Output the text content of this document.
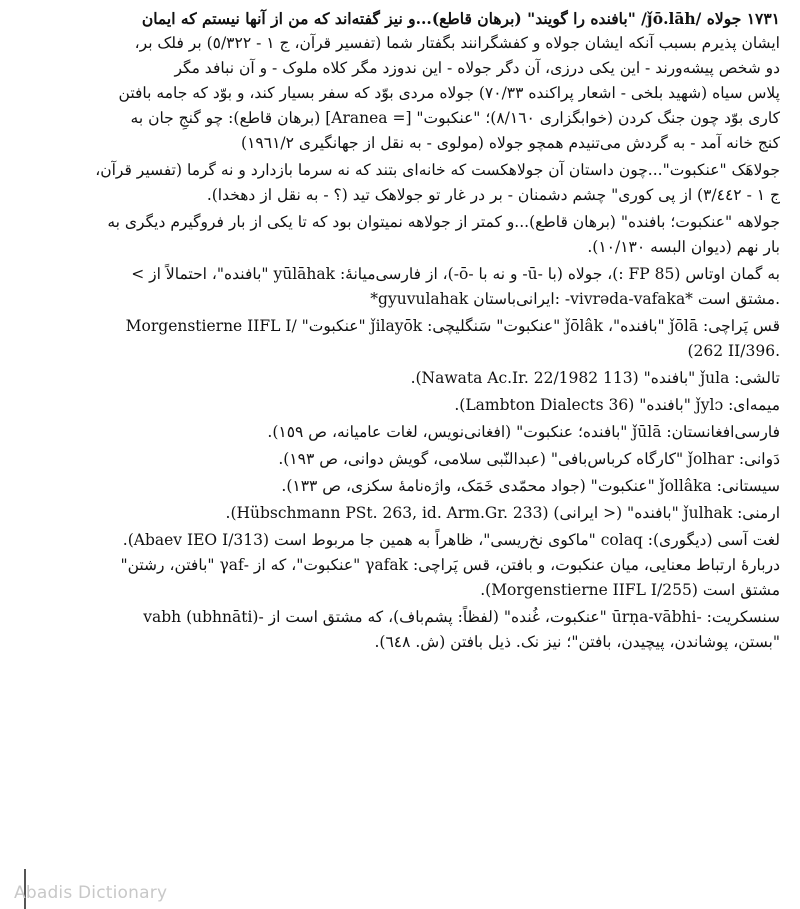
١٧٣١ جولاه /ǰō.lāh/ "بافنده را گویند" (برهان قاطع)...و نیز گفته‌اند که من از آنها نیستم که ایمان
ایشان پذیرم بسبب آنکه ایشان جولاه و کفشگرانند بگفتار شما (تفسیر قرآن، ج ١ - ٥/٣٢٢) بر فلک بر،
دو شخص پیشه‌ورند - این یکی درزی، آن دگر جولاه - این ندوزد مگر کلاه ملوک - و آن نبافد مگر
پلاس سیاه (شهید بلخی - اشعار پراکنده ٧٠/٣٣) جولاه مردی بوّد که سفر بسیار کند، و بوّد که جامه بافتن
کاری بوّد چون جنگ کردن (خوابگزاری ٨/١٦٠)؛ "عنکبوت" [= Aranea] (برهان قاطع): چو گنجِ جان به
کنج خانه آمد - به گردش می‌تنیدم همچو جولاه (مولوی - به نقل از جهانگیری ١٩٦١/٢)
جولاهَک "عنکبوت"...چون داستان آن جولاهکست که خانه‌ای بتند که نه سرما بازدارد و نه گرما (تفسیر قرآن،
ج ١ - ٣/٤٤٢) از پی کوری" چشم دشمنان - بر در غار تو جولاهک تید (؟ - به نقل از دهخدا).
جولاهه "عنکبوت؛ بافنده" (برهان قاطع)...و کمتر از جولاهه نمیتوان بود که تا یکی از بار فروگیرم دیگری به
بار نهم (دیوان البسه ١٠/١٣٠).
به گمان اوتاس (FP 85 :)، جولاه (با -ū- و نه با -ō-)، از فارسی‌میانهٔ: yūlāhak "بافنده"، احتمالاً از >
*gyuvulahak ایرانی‌باستان: -vivrǝda-vafaka* مشتق است.
قس پَراچی: ǰōlā "بافنده"، ǰōlâk "عنکبوت" سَنگلیچی: ǰilayōk "عنکبوت" /Morgenstierne IIFL I
(262 II/396.
تالشی: ǰula "بافنده" (Nawata Ac.Ir. 22/1982 113).
میمه‌ای: ǰylɔ "بافنده" (Lambton Dialects 36).
فارسی‌افغانستان: ǰūlā "بافنده؛ عنکبوت" (افغانی‌نویس، لغات عامیانه، ص ١٥٩).
دَوانی: ǰolhar "کارگاه کرباس‌بافی" (عبدالنّبی سلامی، گویش دوانی، ص ١٩٣).
سیستانی: ǰollâka "عنکبوت" (جواد محمّدی خَمَک، واژه‌نامهٔ سکزی، ص ١٣٣).
ارمنی: ǰulhak "بافنده" (< ایرانی) (Hübschmann PSt. 263, id. Arm.Gr. 233).
لغت آسی (دیگوری): colaq "ماکوی نخ‌ریسی"، ظاهراً به همین جا مربوط است (Abaev IEO I/313).
دربارهٔ ارتباط معنایی، میان عنکبوت، و بافتن، قس پَراچی: γafak "عنکبوت"، که از -γaf "بافتن، رشتن"
مشتق است (Morgenstierne IIFL I/255).
سنسکریت: -ūrṇa-vābhi "عنکبوت، غُنده" (لفظاً: پشم‌باف)، که مشتق است از -vabh (ubhnāti)
"بستن، پوشاندن، پیچیدن، بافتن"؛ نیز نک. ذیل بافتن (ش. ٦٤٨).
Abadis Dictionary
